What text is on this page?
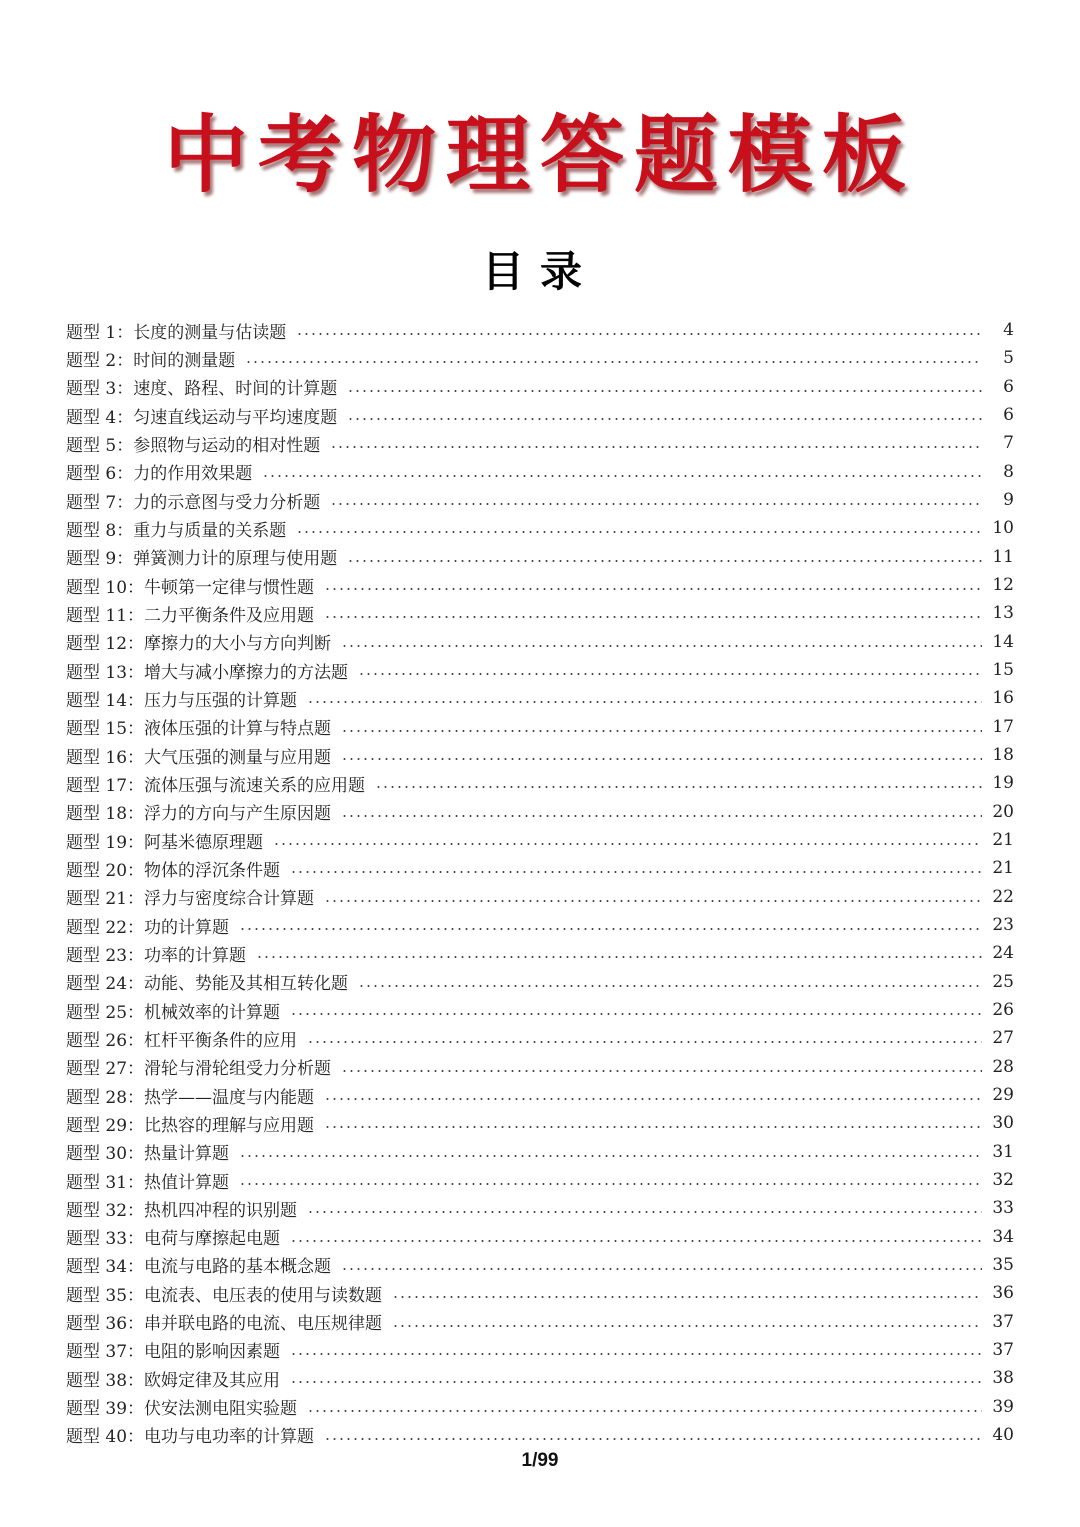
中考物理答题模板
目录
题型 1：长度的测量与估读题	4
题型 2：时间的测量题	5
题型 3：速度、路程、时间的计算题	6
题型 4：匀速直线运动与平均速度题	6
题型 5：参照物与运动的相对性题	7
题型 6：力的作用效果题	8
题型 7：力的示意图与受力分析题	9
题型 8：重力与质量的关系题	10
题型 9：弹簧测力计的原理与使用题	11
题型 10：牛顿第一定律与惯性题	12
题型 11：二力平衡条件及应用题	13
题型 12：摩擦力的大小与方向判断	14
题型 13：增大与减小摩擦力的方法题	15
题型 14：压力与压强的计算题	16
题型 15：液体压强的计算与特点题	17
题型 16：大气压强的测量与应用题	18
题型 17：流体压强与流速关系的应用题	19
题型 18：浮力的方向与产生原因题	20
题型 19：阿基米德原理题	21
题型 20：物体的浮沉条件题	21
题型 21：浮力与密度综合计算题	22
题型 22：功的计算题	23
题型 23：功率的计算题	24
题型 24：动能、势能及其相互转化题	25
题型 25：机械效率的计算题	26
题型 26：杠杆平衡条件的应用	27
题型 27：滑轮与滑轮组受力分析题	28
题型 28：热学——温度与内能题	29
题型 29：比热容的理解与应用题	30
题型 30：热量计算题	31
题型 31：热值计算题	32
题型 32：热机四冲程的识别题	33
题型 33：电荷与摩擦起电题	34
题型 34：电流与电路的基本概念题	35
题型 35：电流表、电压表的使用与读数题	36
题型 36：串并联电路的电流、电压规律题	37
题型 37：电阻的影响因素题	37
题型 38：欧姆定律及其应用	38
题型 39：伏安法测电阻实验题	39
题型 40：电功与电功率的计算题	40
1/99
